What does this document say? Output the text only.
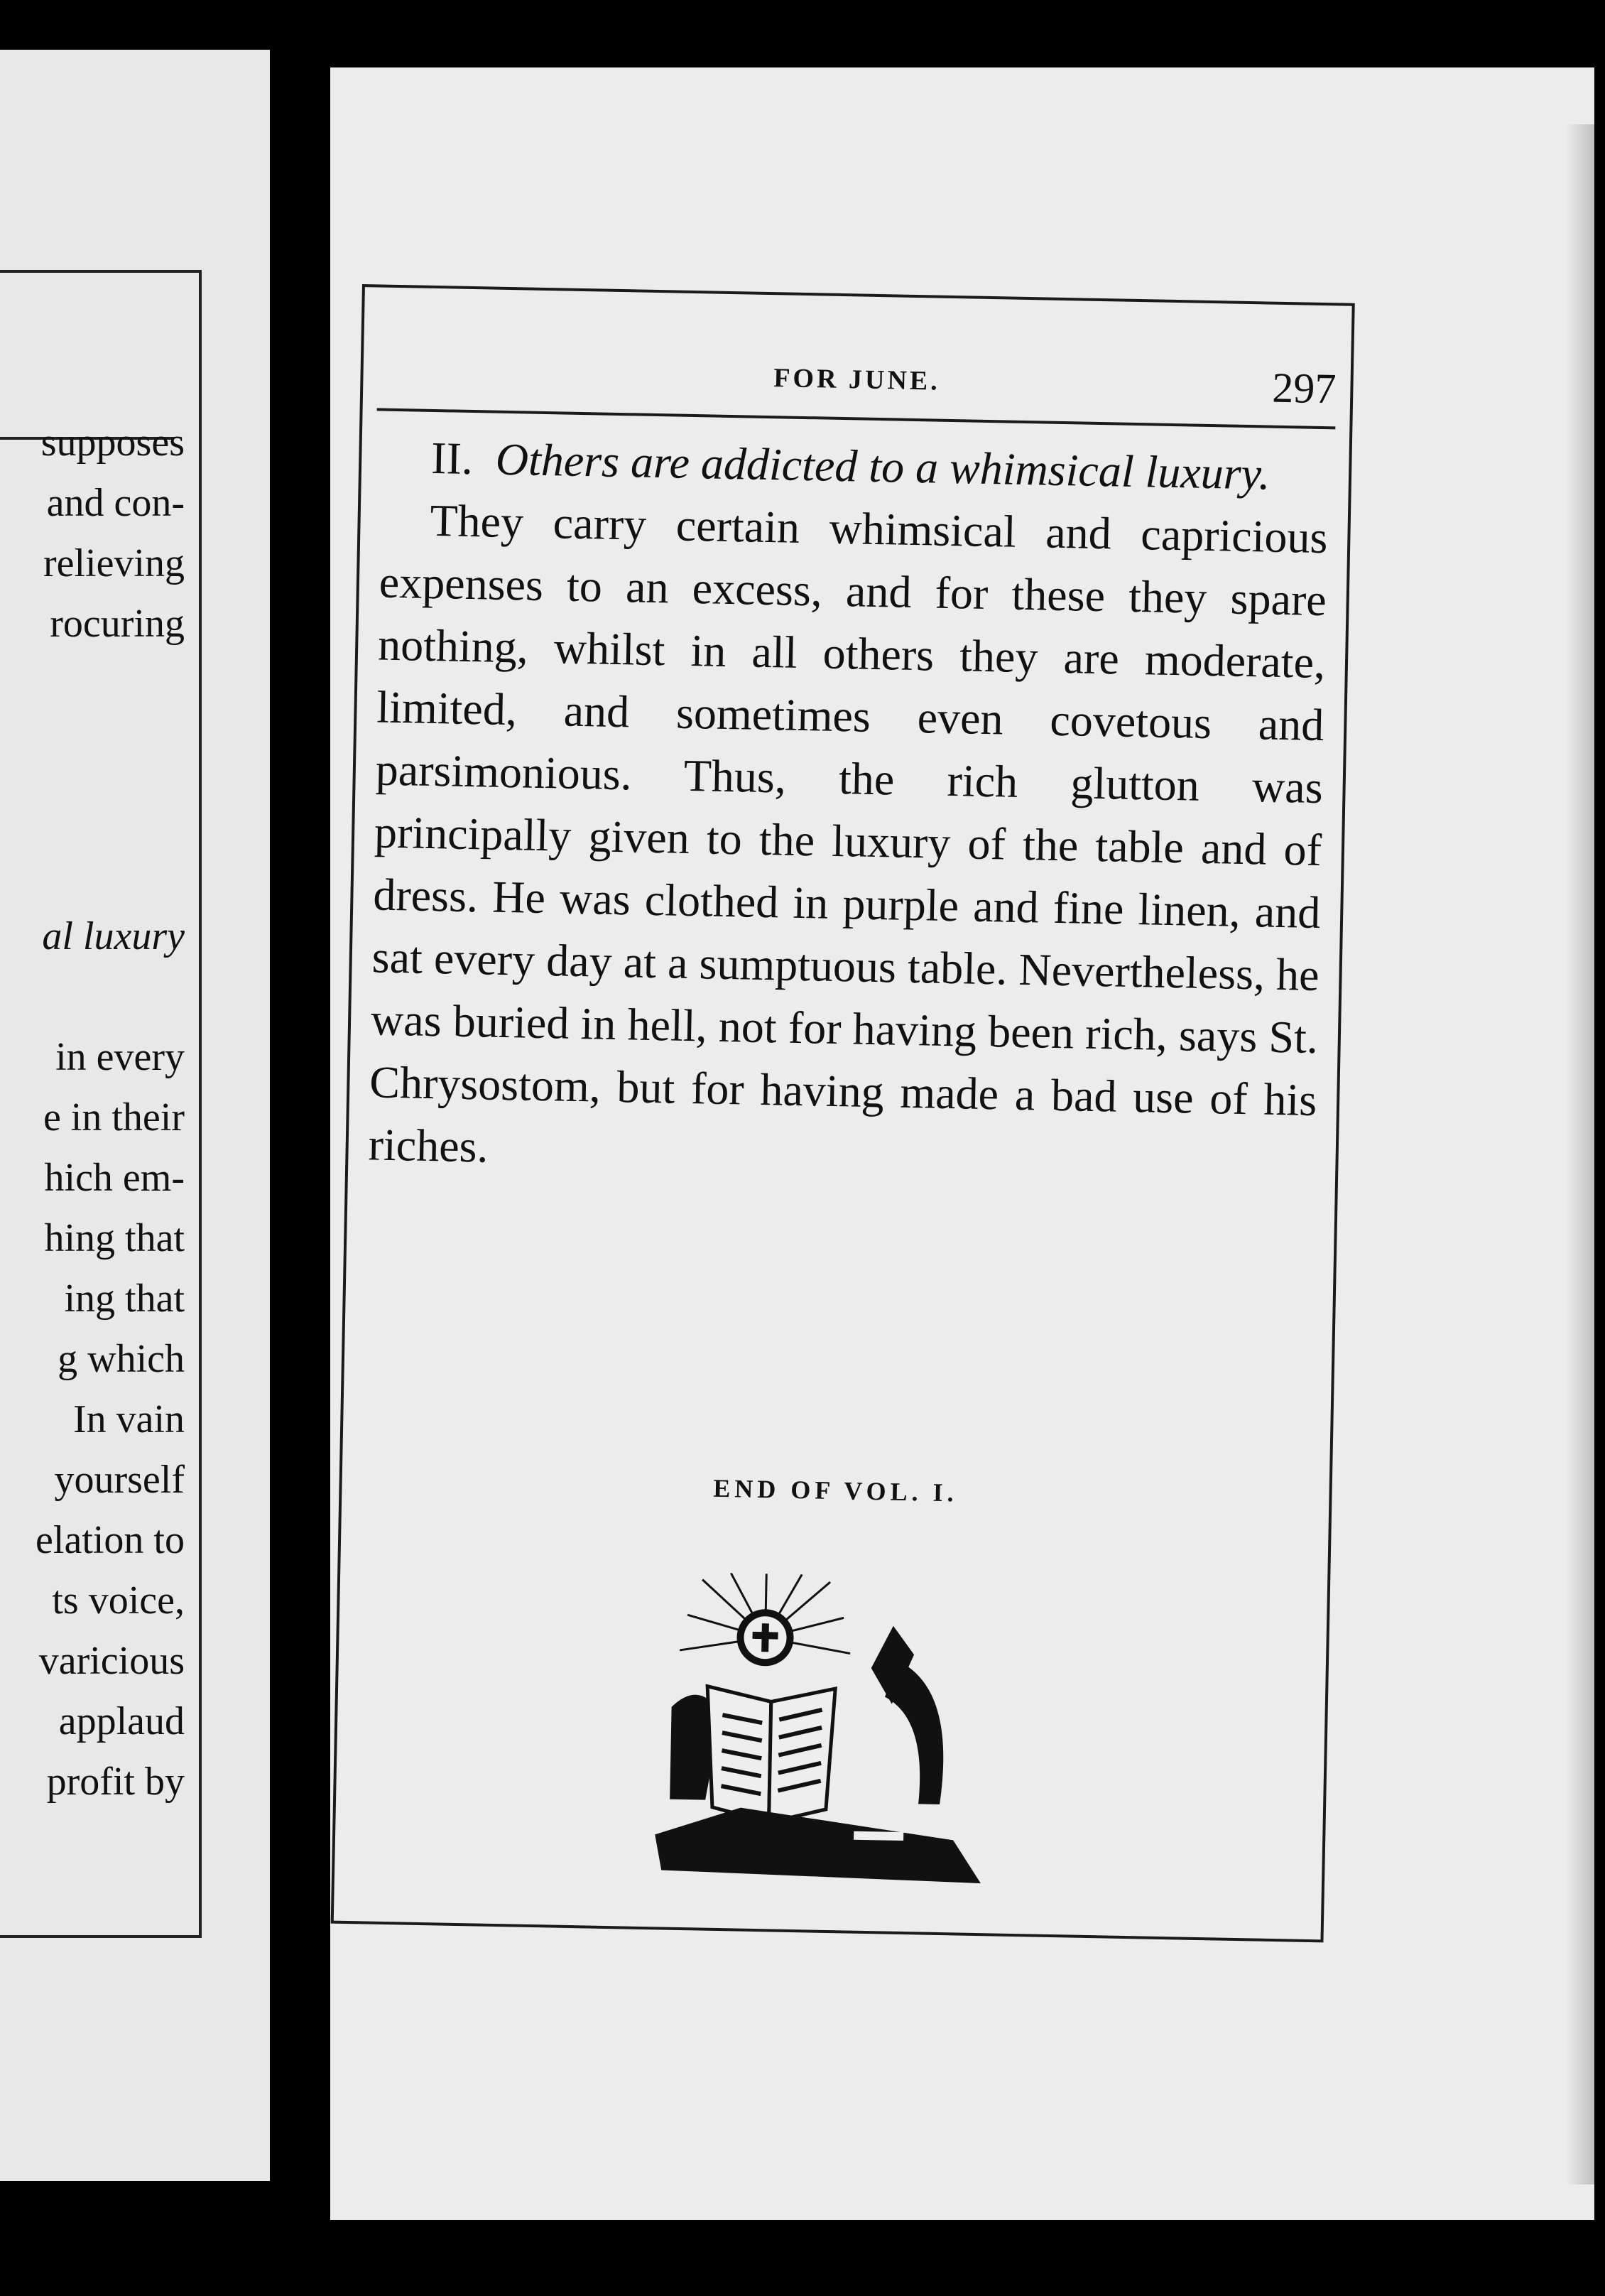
supposes
and con-
relieving
rocuring
al luxury
in every
e in their
hich em-
hing that
ing that
g which
In vain
yourself
elation to
ts voice,
varicious
applaud
profit by
FOR JUNE.	297

II. Others are addicted to a whimsical luxury.

They carry certain whimsical and capricious expenses to an excess, and for these they spare nothing, whilst in all others they are moderate, limited, and sometimes even covetous and parsimonious. Thus, the rich glutton was principally given to the luxury of the table and of dress. He was clothed in purple and fine linen, and sat every day at a sumptuous table. Nevertheless, he was buried in hell, not for having been rich, says St. Chrysostom, but for having made a bad use of his riches.

END OF VOL. I.
